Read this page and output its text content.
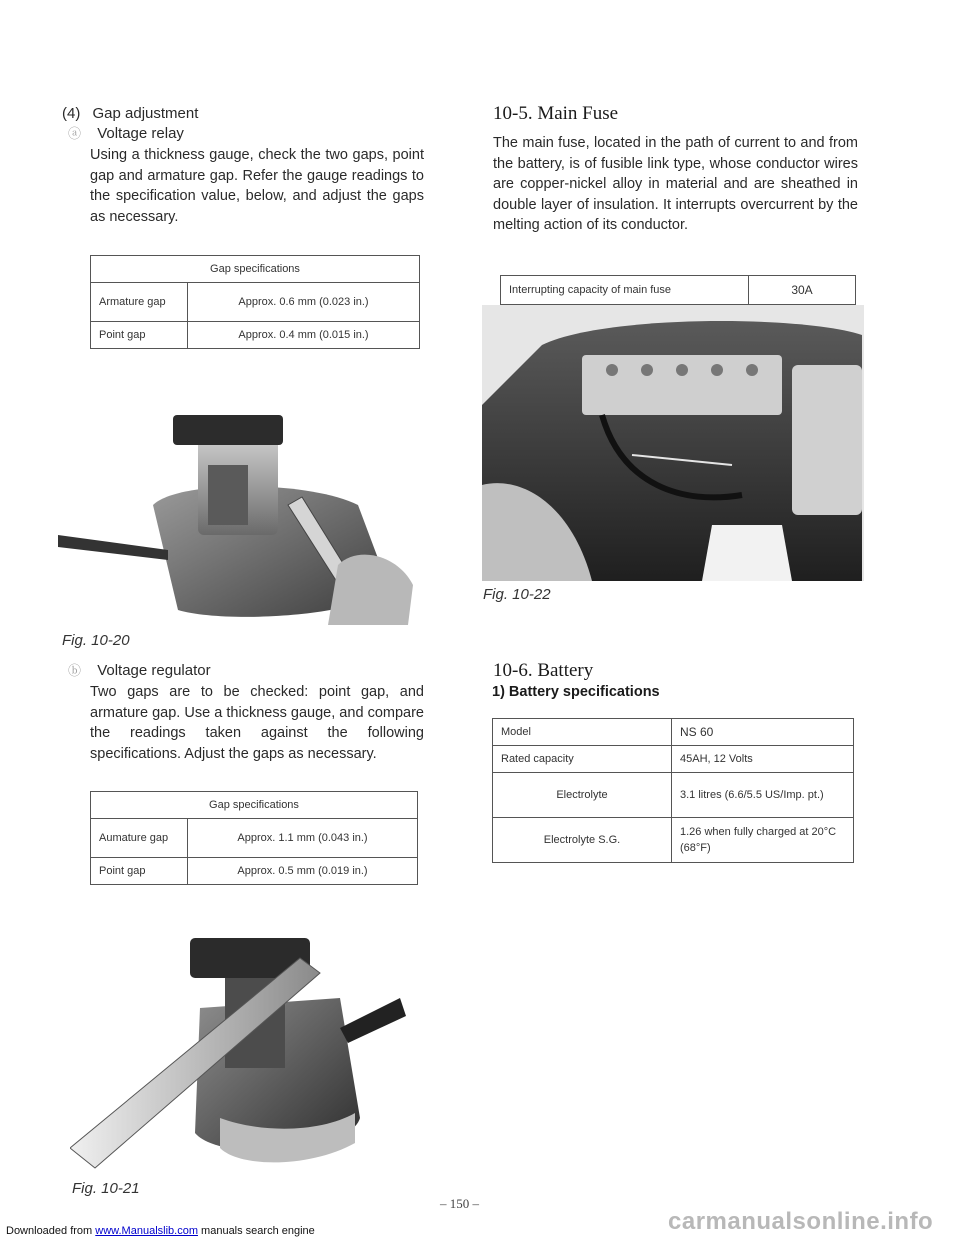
(4) Gap adjustment
ⓐ Voltage relay
Using a thickness gauge, check the two gaps, point gap and armature gap. Refer the gauge readings to the specification value, below, and adjust the gaps as necessary.
Gap specifications	
Armature gap	Approx. 0.6 mm (0.023 in.)
Point gap	Approx. 0.4 mm (0.015 in.)
Fig. 10-20
ⓑ Voltage regulator
Two gaps are to be checked: point gap, and armature gap. Use a thickness gauge, and compare the readings taken against the following specifications. Adjust the gaps as necessary.
Gap specifications	
Aumature gap	Approx. 1.1 mm (0.043 in.)
Point gap	Approx. 0.5 mm (0.019 in.)
Fig. 10-21
10-5. Main Fuse
The main fuse, located in the path of current to and from the battery, is of fusible link type, whose conductor wires are copper-nickel alloy in material and are sheathed in double layer of insulation. It interrupts overcurrent by the melting action of its conductor.
Interrupting capacity of main fuse	30A
Fig. 10-22
10-6. Battery
1) Battery specifications
Model	NS 60
Rated capacity	45AH, 12 Volts
Electrolyte	3.1 litres (6.6/5.5 US/Imp. pt.)
Electrolyte S.G.	1.26 when fully charged at 20°C (68°F)
– 150 –
Downloaded from www.Manualslib.com manuals search engine	carmanualsonline.info
